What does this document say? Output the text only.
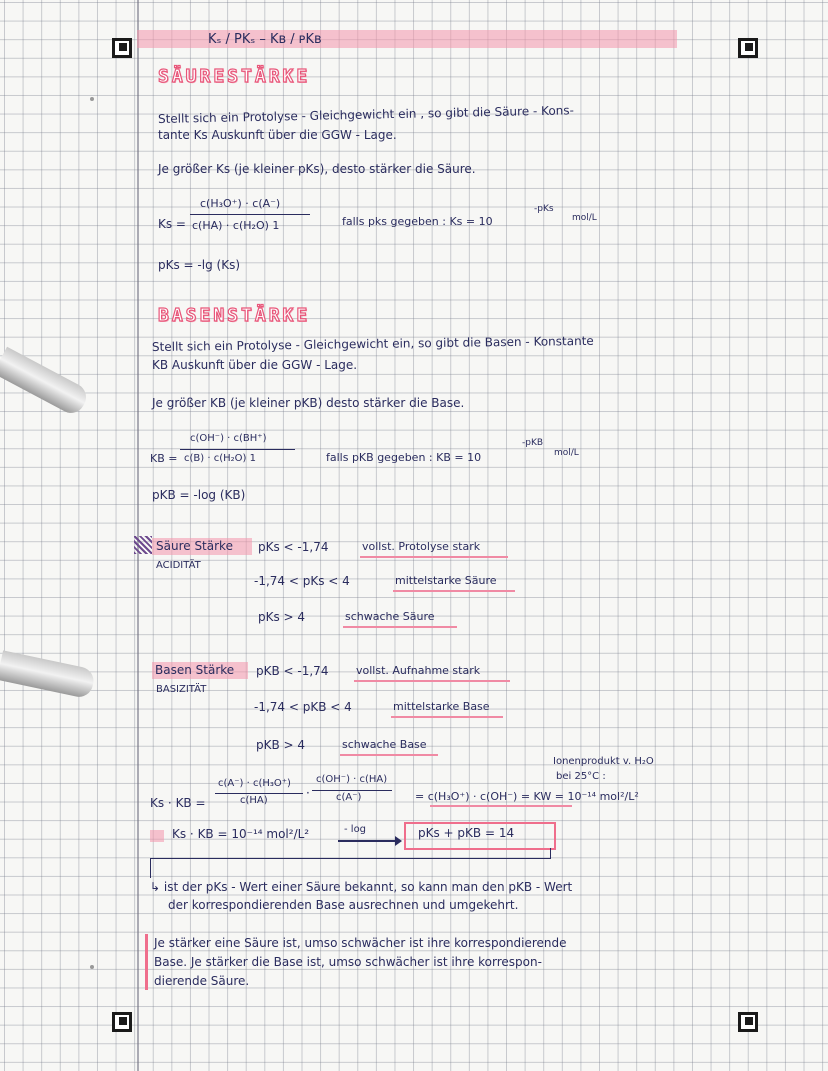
Kₛ / PKₛ – Kʙ / ᴘKʙ
SÄURESTÄRKE
Stellt sich ein Protolyse - Gleichgewicht ein , so gibt die Säure - Kons-
tante Ks Auskunft über die GGW - Lage.
Je größer Ks (je kleiner pKs), desto stärker die Säure.
c(H₃O⁺) · c(A⁻)
Ks = c(HA) · c(H₂O) 1	falls pks gegeben : Ks = 10
-pKs
mol/L
pKs = -lg (Ks)
BASENSTÄRKE
Stellt sich ein Protolyse - Gleichgewicht ein, so gibt die Basen - Konstante
KB Auskunft über die GGW - Lage.
Je größer KB (je kleiner pKB) desto stärker die Base.
c(OH⁻) · c(BH⁺)
KB = c(B) · c(H₂O) 1	falls pKB gegeben : KB = 10
-pKB
mol/L
pKB = -log (KB)
Säure Stärke
ACIDITÄT
pKs < -1,74	vollst. Protolyse stark
-1,74 < pKs < 4	mittelstarke Säure
pKs > 4	schwache Säure
Basen Stärke
BASIZITÄT
pKB < -1,74	vollst. Aufnahme stark
-1,74 < pKB < 4	mittelstarke Base
pKB > 4	schwache Base
Ionenprodukt v. H₂O
bei 25°C :
c(A⁻) · c(H₃O⁺)
c(HA)
·
c(OH⁻) · c(HA)
c(A⁻)
Ks · KB =	= c(H₃O⁺) · c(OH⁻) = KW = 10⁻¹⁴ mol²/L²
Ks · KB = 10⁻¹⁴ mol²/L²	- log	pKs + pKB = 14
↳ ist der pKs - Wert einer Säure bekannt, so kann man den pKB - Wert
der korrespondierenden Base ausrechnen und umgekehrt.
Je stärker eine Säure ist, umso schwächer ist ihre korrespondierende
Base. Je stärker die Base ist, umso schwächer ist ihre korrespon-
dierende Säure.
